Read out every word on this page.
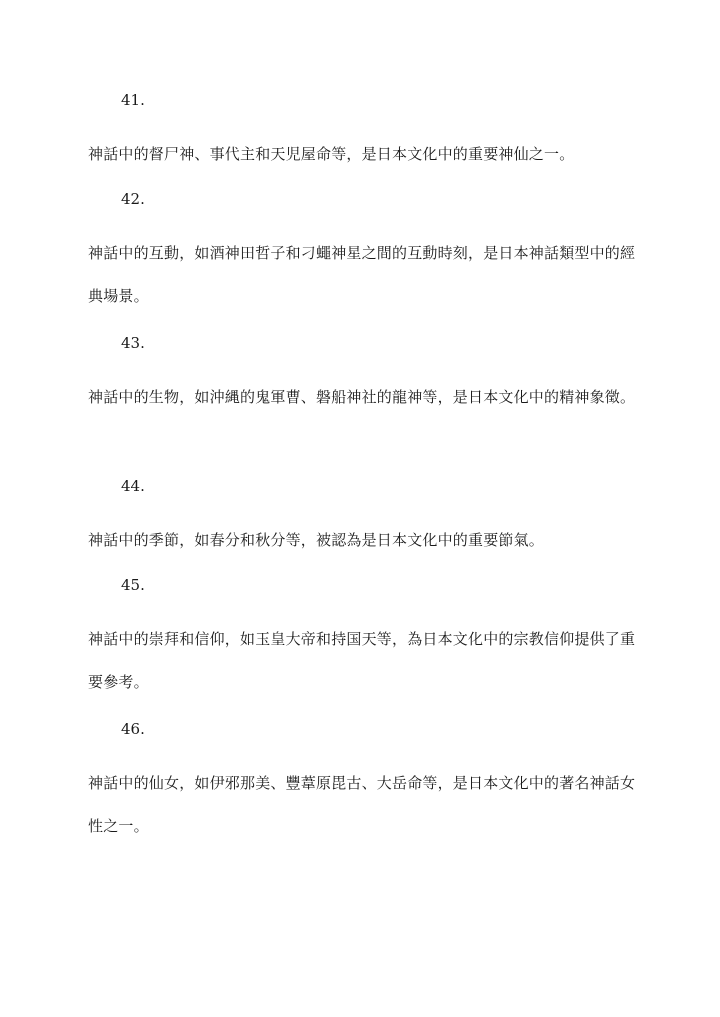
41.
神話中的督尸神、事代主和天児屋命等，是日本文化中的重要神仙之一。
42.
神話中的互動，如酒神田哲子和刁蠅神星之間的互動時刻，是日本神話類型中的經典場景。
43.
神話中的生物，如沖縄的鬼軍曹、磐船神社的龍神等，是日本文化中的精神象徵。
44.
神話中的季節，如春分和秋分等，被認為是日本文化中的重要節氣。
45.
神話中的崇拜和信仰，如玉皇大帝和持国天等，為日本文化中的宗教信仰提供了重要參考。
46.
神話中的仙女，如伊邪那美、豐葦原毘古、大岳命等，是日本文化中的著名神話女性之一。
